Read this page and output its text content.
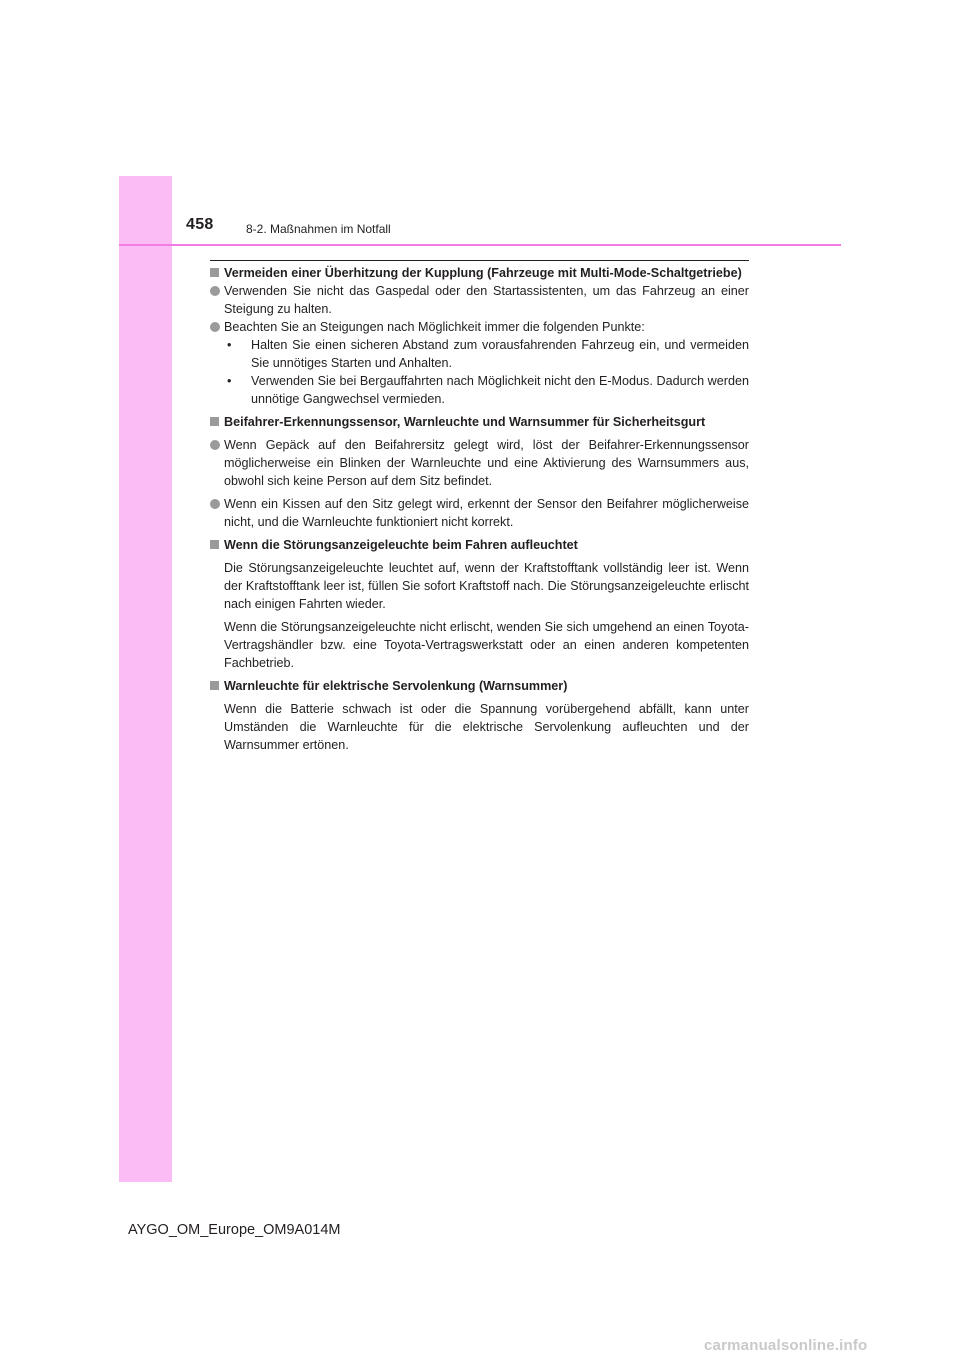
458	8-2. Maßnahmen im Notfall
Vermeiden einer Überhitzung der Kupplung (Fahrzeuge mit Multi-Mode-Schaltgetriebe)
Verwenden Sie nicht das Gaspedal oder den Startassistenten, um das Fahrzeug an einer Steigung zu halten.
Beachten Sie an Steigungen nach Möglichkeit immer die folgenden Punkte:
• Halten Sie einen sicheren Abstand zum vorausfahrenden Fahrzeug ein, und vermeiden Sie unnötiges Starten und Anhalten.
• Verwenden Sie bei Bergauffahrten nach Möglichkeit nicht den E-Modus. Dadurch werden unnötige Gangwechsel vermieden.
Beifahrer-Erkennungssensor, Warnleuchte und Warnsummer für Sicherheitsgurt
Wenn Gepäck auf den Beifahrersitz gelegt wird, löst der Beifahrer-Erkennungssensor möglicherweise ein Blinken der Warnleuchte und eine Aktivierung des Warnsummers aus, obwohl sich keine Person auf dem Sitz befindet.
Wenn ein Kissen auf den Sitz gelegt wird, erkennt der Sensor den Beifahrer möglicherweise nicht, und die Warnleuchte funktioniert nicht korrekt.
Wenn die Störungsanzeigeleuchte beim Fahren aufleuchtet
Die Störungsanzeigeleuchte leuchtet auf, wenn der Kraftstofftank vollständig leer ist. Wenn der Kraftstofftank leer ist, füllen Sie sofort Kraftstoff nach. Die Störungsanzeigeleuchte erlischt nach einigen Fahrten wieder.
Wenn die Störungsanzeigeleuchte nicht erlischt, wenden Sie sich umgehend an einen Toyota-Vertragshändler bzw. eine Toyota-Vertragswerkstatt oder an einen anderen kompetenten Fachbetrieb.
Warnleuchte für elektrische Servolenkung (Warnsummer)
Wenn die Batterie schwach ist oder die Spannung vorübergehend abfällt, kann unter Umständen die Warnleuchte für die elektrische Servolenkung aufleuchten und der Warnsummer ertönen.
AYGO_OM_Europe_OM9A014M
carmanualsonline.info
